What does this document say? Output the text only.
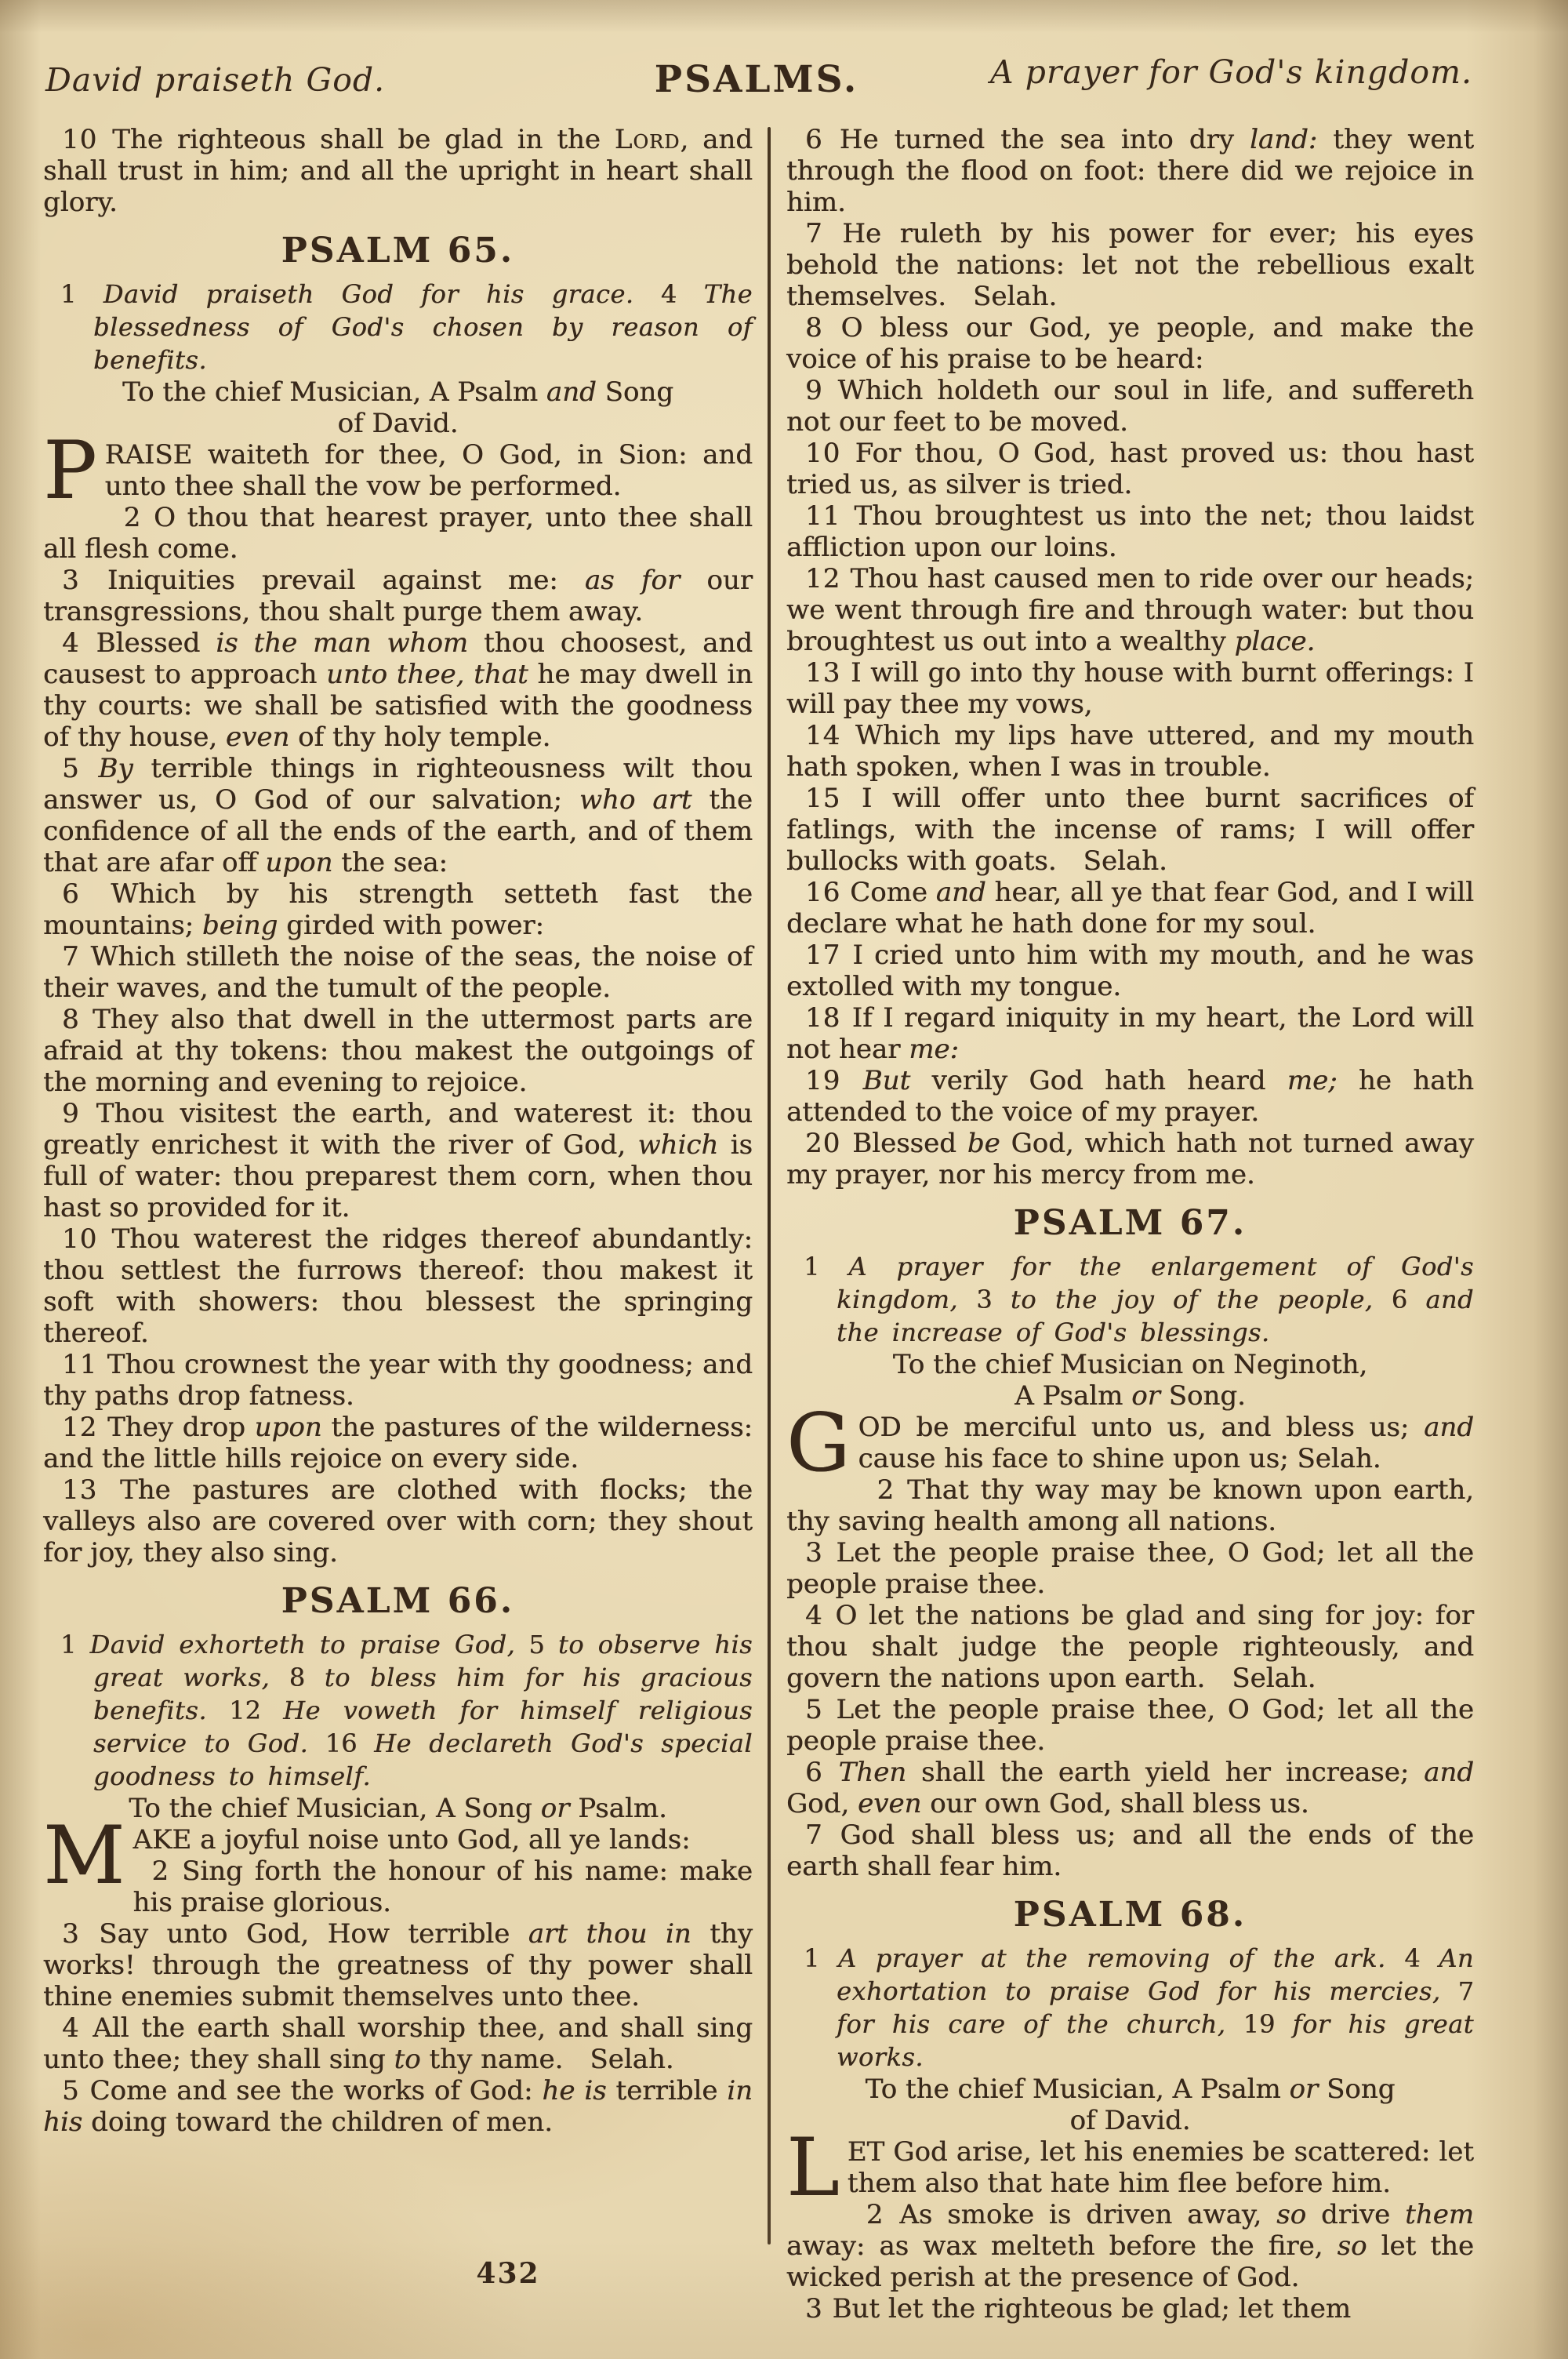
David praiseth God.	PSALMS.	A prayer for God's kingdom.

10 The righteous shall be glad in the Lord, and shall trust in him; and all the upright in heart shall glory.

PSALM 65.

1 David praiseth God for his grace. 4 The blessedness of God's chosen by reason of benefits.

To the chief Musician, A Psalm and Song
of David.

PRAISE waiteth for thee, O God, in Sion: and unto thee shall the vow be performed.

2 O thou that hearest prayer, unto thee shall all flesh come.

3 Iniquities prevail against me: as for our transgressions, thou shalt purge them away.

4 Blessed is the man whom thou choosest, and causest to approach unto thee, that he may dwell in thy courts: we shall be satisfied with the goodness of thy house, even of thy holy temple.

5 By terrible things in righteousness wilt thou answer us, O God of our salvation; who art the confidence of all the ends of the earth, and of them that are afar off upon the sea:

6 Which by his strength setteth fast the mountains; being girded with power:

7 Which stilleth the noise of the seas, the noise of their waves, and the tumult of the people.

8 They also that dwell in the uttermost parts are afraid at thy tokens: thou makest the outgoings of the morning and evening to rejoice.

9 Thou visitest the earth, and waterest it: thou greatly enrichest it with the river of God, which is full of water: thou preparest them corn, when thou hast so provided for it.

10 Thou waterest the ridges thereof abundantly: thou settlest the furrows thereof: thou makest it soft with showers: thou blessest the springing thereof.

11 Thou crownest the year with thy goodness; and thy paths drop fatness.

12 They drop upon the pastures of the wilderness: and the little hills rejoice on every side.

13 The pastures are clothed with flocks; the valleys also are covered over with corn; they shout for joy, they also sing.

PSALM 66.

1 David exhorteth to praise God, 5 to observe his great works, 8 to bless him for his gracious benefits. 12 He voweth for himself religious service to God. 16 He declareth God's special goodness to himself.

To the chief Musician, A Song or Psalm.

MAKE a joyful noise unto God, all ye lands:

2 Sing forth the honour of his name: make his praise glorious.

3 Say unto God, How terrible art thou in thy works! through the greatness of thy power shall thine enemies submit themselves unto thee.

4 All the earth shall worship thee, and shall sing unto thee; they shall sing to thy name. Selah.

5 Come and see the works of God: he is terrible in his doing toward the children of men.

6 He turned the sea into dry land: they went through the flood on foot: there did we rejoice in him.

7 He ruleth by his power for ever; his eyes behold the nations: let not the rebellious exalt themselves. Selah.

8 O bless our God, ye people, and make the voice of his praise to be heard:

9 Which holdeth our soul in life, and suffereth not our feet to be moved.

10 For thou, O God, hast proved us: thou hast tried us, as silver is tried.

11 Thou broughtest us into the net; thou laidst affliction upon our loins.

12 Thou hast caused men to ride over our heads; we went through fire and through water: but thou broughtest us out into a wealthy place.

13 I will go into thy house with burnt offerings: I will pay thee my vows,

14 Which my lips have uttered, and my mouth hath spoken, when I was in trouble.

15 I will offer unto thee burnt sacrifices of fatlings, with the incense of rams; I will offer bullocks with goats. Selah.

16 Come and hear, all ye that fear God, and I will declare what he hath done for my soul.

17 I cried unto him with my mouth, and he was extolled with my tongue.

18 If I regard iniquity in my heart, the Lord will not hear me:

19 But verily God hath heard me; he hath attended to the voice of my prayer.

20 Blessed be God, which hath not turned away my prayer, nor his mercy from me.

PSALM 67.

1 A prayer for the enlargement of God's kingdom, 3 to the joy of the people, 6 and the increase of God's blessings.

To the chief Musician on Neginoth,
A Psalm or Song.

GOD be merciful unto us, and bless us; and cause his face to shine upon us; Selah.

2 That thy way may be known upon earth, thy saving health among all nations.

3 Let the people praise thee, O God; let all the people praise thee.

4 O let the nations be glad and sing for joy: for thou shalt judge the people righteously, and govern the nations upon earth. Selah.

5 Let the people praise thee, O God; let all the people praise thee.

6 Then shall the earth yield her increase; and God, even our own God, shall bless us.

7 God shall bless us; and all the ends of the earth shall fear him.

PSALM 68.

1 A prayer at the removing of the ark. 4 An exhortation to praise God for his mercies, 7 for his care of the church, 19 for his great works.

To the chief Musician, A Psalm or Song
of David.

LET God arise, let his enemies be scattered: let them also that hate him flee before him.

2 As smoke is driven away, so drive them away: as wax melteth before the fire, so let the wicked perish at the presence of God.

3 But let the righteous be glad; let them

432
